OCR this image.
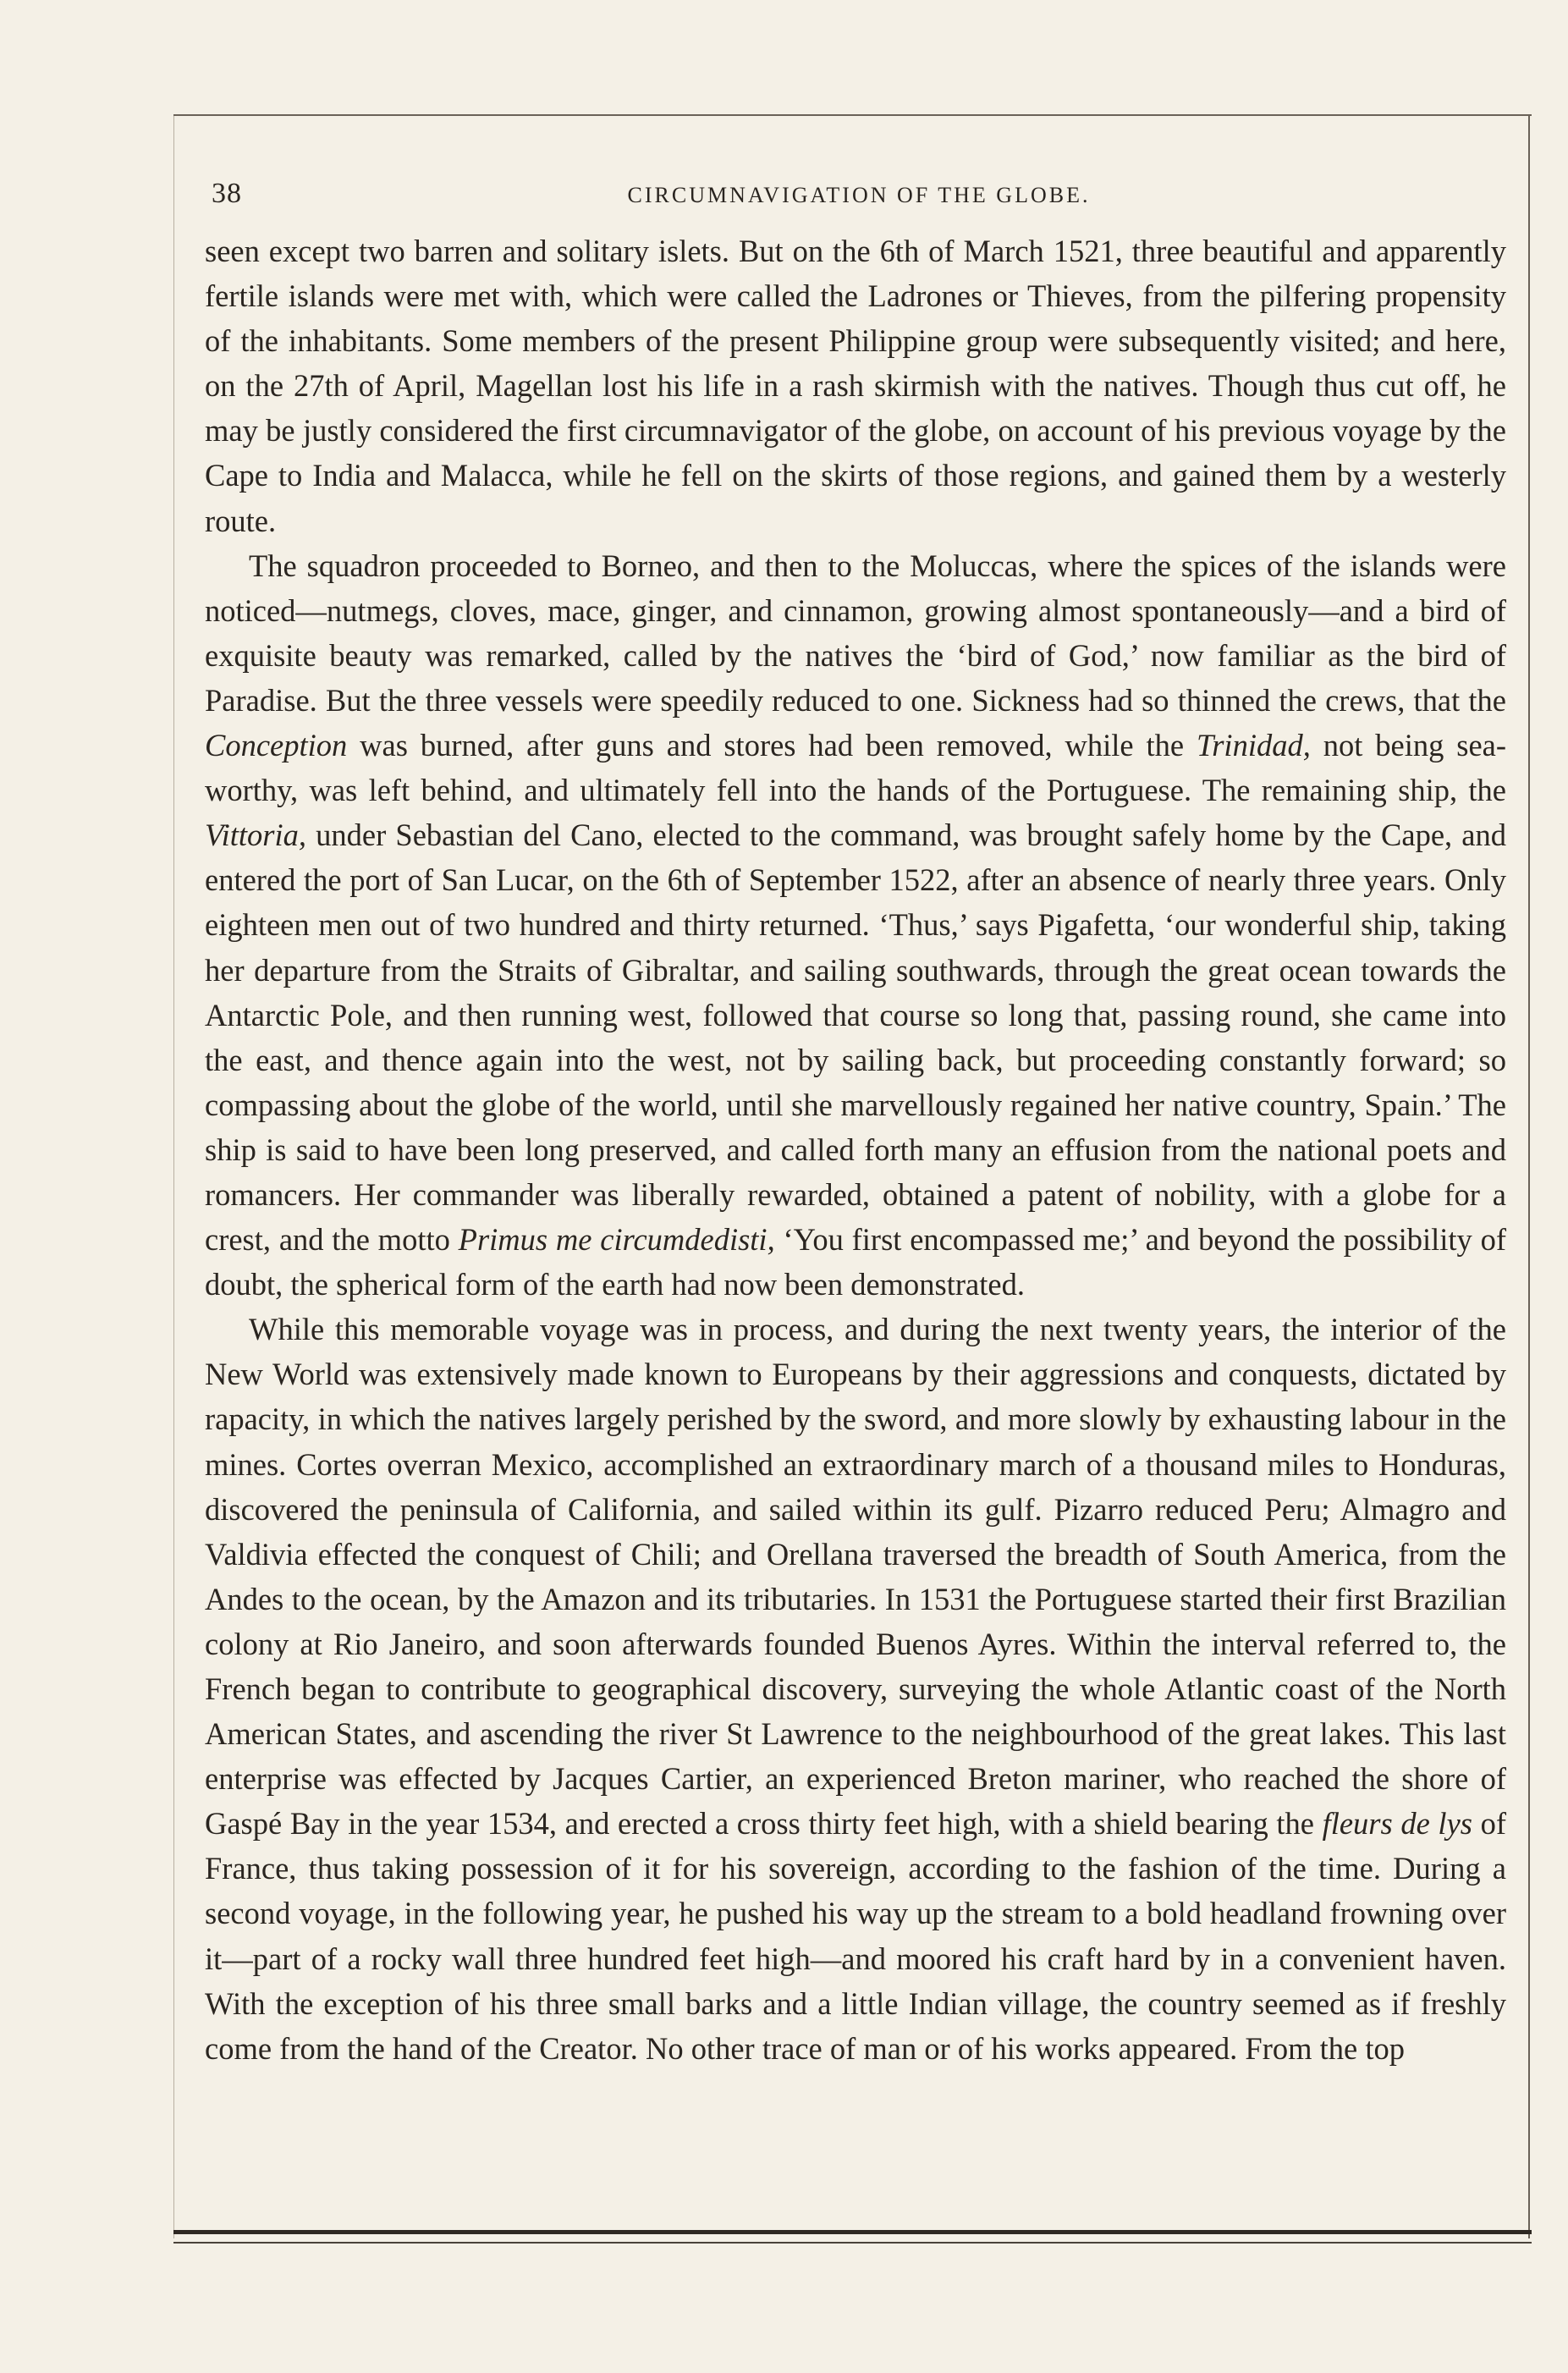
38	CIRCUMNAVIGATION OF THE GLOBE.

seen except two barren and solitary islets. But on the 6th of March 1521, three beautiful and apparently fertile islands were met with, which were called the Ladrones or Thieves, from the pilfering propensity of the inhabitants. Some members of the present Philippine group were subsequently visited; and here, on the 27th of April, Magellan lost his life in a rash skirmish with the natives. Though thus cut off, he may be justly considered the first circumnavigator of the globe, on account of his previous voyage by the Cape to India and Malacca, while he fell on the skirts of those regions, and gained them by a westerly route.

The squadron proceeded to Borneo, and then to the Moluccas, where the spices of the islands were noticed—nutmegs, cloves, mace, ginger, and cinnamon, growing almost spontaneously—and a bird of exquisite beauty was remarked, called by the natives the ‘bird of God,’ now familiar as the bird of Paradise. But the three vessels were speedily reduced to one. Sickness had so thinned the crews, that the Conception was burned, after guns and stores had been removed, while the Trinidad, not being sea-worthy, was left behind, and ultimately fell into the hands of the Portuguese. The remaining ship, the Vittoria, under Sebastian del Cano, elected to the command, was brought safely home by the Cape, and entered the port of San Lucar, on the 6th of September 1522, after an absence of nearly three years. Only eighteen men out of two hundred and thirty returned. ‘Thus,’ says Pigafetta, ‘our wonderful ship, taking her departure from the Straits of Gibraltar, and sailing southwards, through the great ocean towards the Antarctic Pole, and then running west, followed that course so long that, passing round, she came into the east, and thence again into the west, not by sailing back, but proceeding constantly forward; so compassing about the globe of the world, until she marvellously regained her native country, Spain.’ The ship is said to have been long preserved, and called forth many an effusion from the national poets and romancers. Her commander was liberally rewarded, obtained a patent of nobility, with a globe for a crest, and the motto Primus me circumdedisti, ‘You first encompassed me;’ and beyond the possibility of doubt, the spherical form of the earth had now been demonstrated.

While this memorable voyage was in process, and during the next twenty years, the interior of the New World was extensively made known to Europeans by their aggressions and conquests, dictated by rapacity, in which the natives largely perished by the sword, and more slowly by exhausting labour in the mines. Cortes overran Mexico, accomplished an extraordinary march of a thousand miles to Honduras, discovered the peninsula of California, and sailed within its gulf. Pizarro reduced Peru; Almagro and Valdivia effected the conquest of Chili; and Orellana traversed the breadth of South America, from the Andes to the ocean, by the Amazon and its tributaries. In 1531 the Portuguese started their first Brazilian colony at Rio Janeiro, and soon afterwards founded Buenos Ayres. Within the interval referred to, the French began to contribute to geographical discovery, surveying the whole Atlantic coast of the North American States, and ascending the river St Lawrence to the neighbourhood of the great lakes. This last enterprise was effected by Jacques Cartier, an experienced Breton mariner, who reached the shore of Gaspé Bay in the year 1534, and erected a cross thirty feet high, with a shield bearing the fleurs de lys of France, thus taking possession of it for his sovereign, according to the fashion of the time. During a second voyage, in the following year, he pushed his way up the stream to a bold headland frowning over it—part of a rocky wall three hundred feet high—and moored his craft hard by in a convenient haven. With the exception of his three small barks and a little Indian village, the country seemed as if freshly come from the hand of the Creator. No other trace of man or of his works appeared. From the top
